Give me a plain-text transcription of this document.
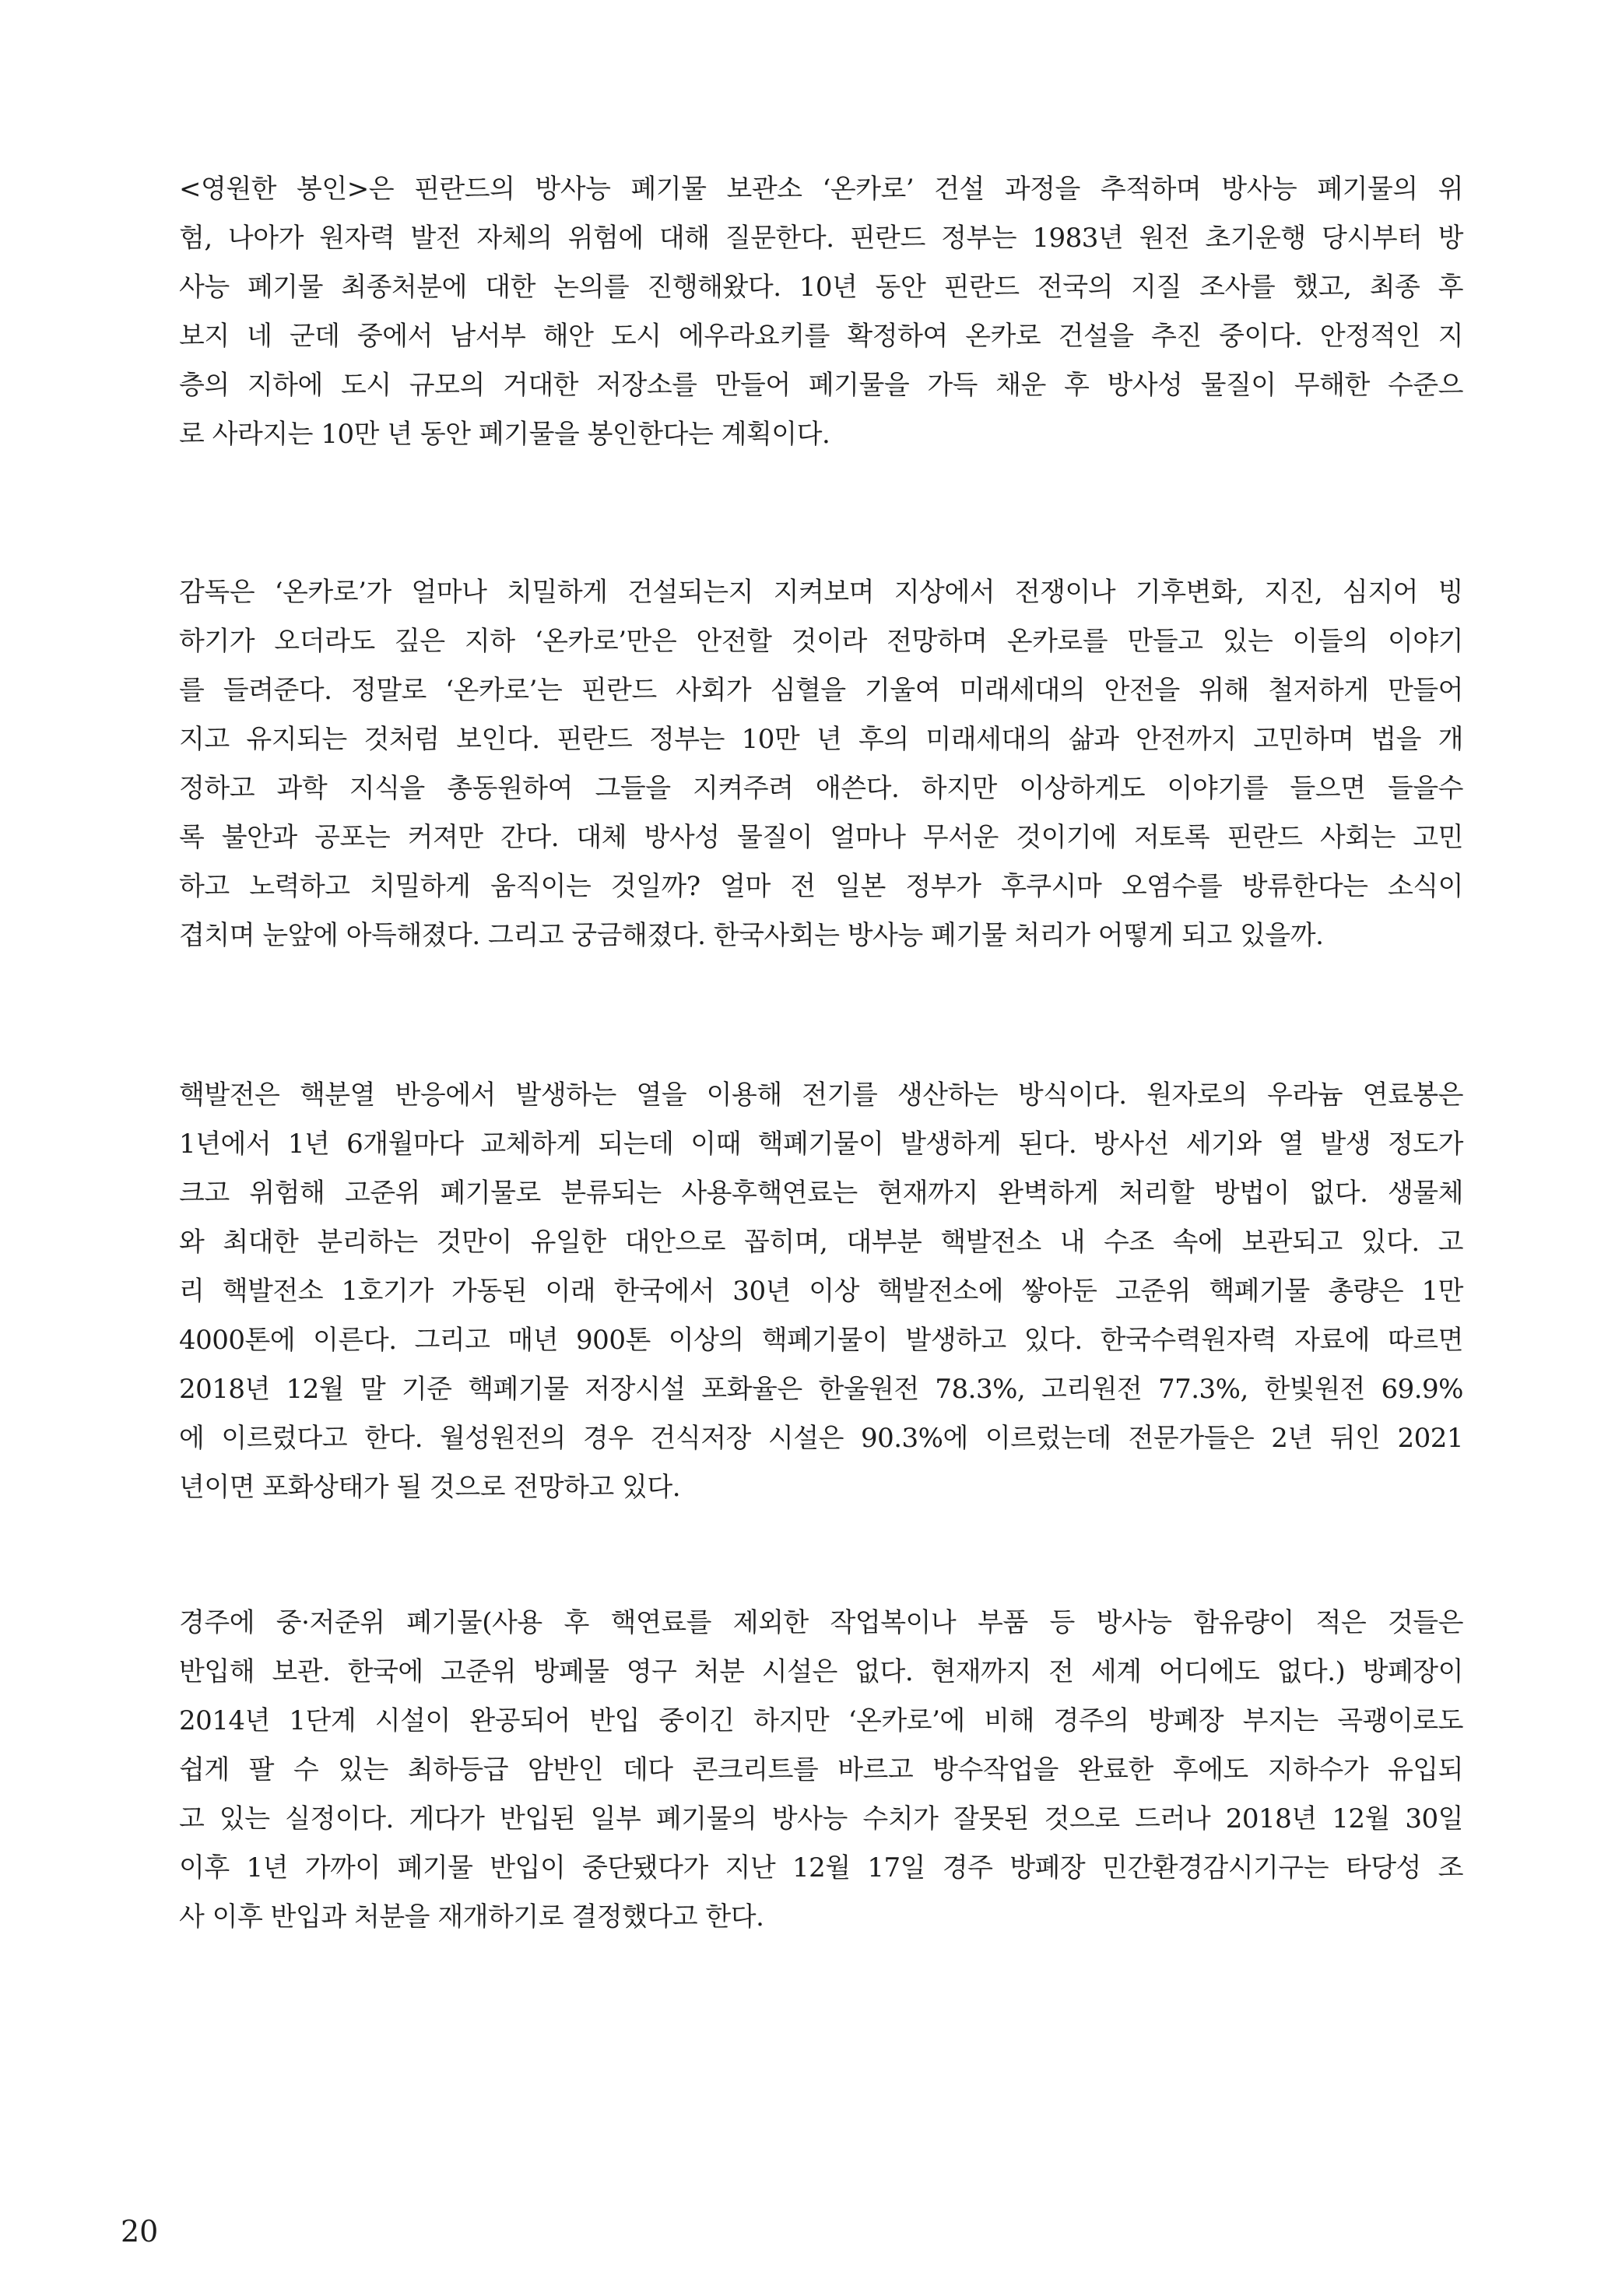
<영원한 봉인>은 핀란드의 방사능 폐기물 보관소 ‘온카로’ 건설 과정을 추적하며 방사능 폐기물의 위
험, 나아가 원자력 발전 자체의 위험에 대해 질문한다. 핀란드 정부는 1983년 원전 초기운행 당시부터 방
사능 폐기물 최종처분에 대한 논의를 진행해왔다. 10년 동안 핀란드 전국의 지질 조사를 했고, 최종 후
보지 네 군데 중에서 남서부 해안 도시 에우라요키를 확정하여 온카로 건설을 추진 중이다. 안정적인 지
층의 지하에 도시 규모의 거대한 저장소를 만들어 폐기물을 가득 채운 후 방사성 물질이 무해한 수준으
로 사라지는 10만 년 동안 폐기물을 봉인한다는 계획이다.
감독은 ‘온카로’가 얼마나 치밀하게 건설되는지 지켜보며 지상에서 전쟁이나 기후변화, 지진, 심지어 빙
하기가 오더라도 깊은 지하 ‘온카로’만은 안전할 것이라 전망하며 온카로를 만들고 있는 이들의 이야기
를 들려준다. 정말로 ‘온카로’는 핀란드 사회가 심혈을 기울여 미래세대의 안전을 위해 철저하게 만들어
지고 유지되는 것처럼 보인다. 핀란드 정부는 10만 년 후의 미래세대의 삶과 안전까지 고민하며 법을 개
정하고 과학 지식을 총동원하여 그들을 지켜주려 애쓴다. 하지만 이상하게도 이야기를 들으면 들을수
록 불안과 공포는 커져만 간다. 대체 방사성 물질이 얼마나 무서운 것이기에 저토록 핀란드 사회는 고민
하고 노력하고 치밀하게 움직이는 것일까? 얼마 전 일본 정부가 후쿠시마 오염수를 방류한다는 소식이
겹치며 눈앞에 아득해졌다. 그리고 궁금해졌다. 한국사회는 방사능 폐기물 처리가 어떻게 되고 있을까.
핵발전은 핵분열 반응에서 발생하는 열을 이용해 전기를 생산하는 방식이다. 원자로의 우라늄 연료봉은
1년에서 1년 6개월마다 교체하게 되는데 이때 핵폐기물이 발생하게 된다. 방사선 세기와 열 발생 정도가
크고 위험해 고준위 폐기물로 분류되는 사용후핵연료는 현재까지 완벽하게 처리할 방법이 없다. 생물체
와 최대한 분리하는 것만이 유일한 대안으로 꼽히며, 대부분 핵발전소 내 수조 속에 보관되고 있다. 고
리 핵발전소 1호기가 가동된 이래 한국에서 30년 이상 핵발전소에 쌓아둔 고준위 핵폐기물 총량은 1만
4000톤에 이른다. 그리고 매년 900톤 이상의 핵폐기물이 발생하고 있다. 한국수력원자력 자료에 따르면
2018년 12월 말 기준 핵폐기물 저장시설 포화율은 한울원전 78.3%, 고리원전 77.3%, 한빛원전 69.9%
에 이르렀다고 한다. 월성원전의 경우 건식저장 시설은 90.3%에 이르렀는데 전문가들은 2년 뒤인 2021
년이면 포화상태가 될 것으로 전망하고 있다.
경주에 중·저준위 폐기물(사용 후 핵연료를 제외한 작업복이나 부품 등 방사능 함유량이 적은 것들은
반입해 보관. 한국에 고준위 방폐물 영구 처분 시설은 없다. 현재까지 전 세계 어디에도 없다.) 방폐장이
2014년 1단계 시설이 완공되어 반입 중이긴 하지만 ‘온카로’에 비해 경주의 방폐장 부지는 곡괭이로도
쉽게 팔 수 있는 최하등급 암반인 데다 콘크리트를 바르고 방수작업을 완료한 후에도 지하수가 유입되
고 있는 실정이다. 게다가 반입된 일부 폐기물의 방사능 수치가 잘못된 것으로 드러나 2018년 12월 30일
이후 1년 가까이 폐기물 반입이 중단됐다가 지난 12월 17일 경주 방폐장 민간환경감시기구는 타당성 조
사 이후 반입과 처분을 재개하기로 결정했다고 한다.
20
